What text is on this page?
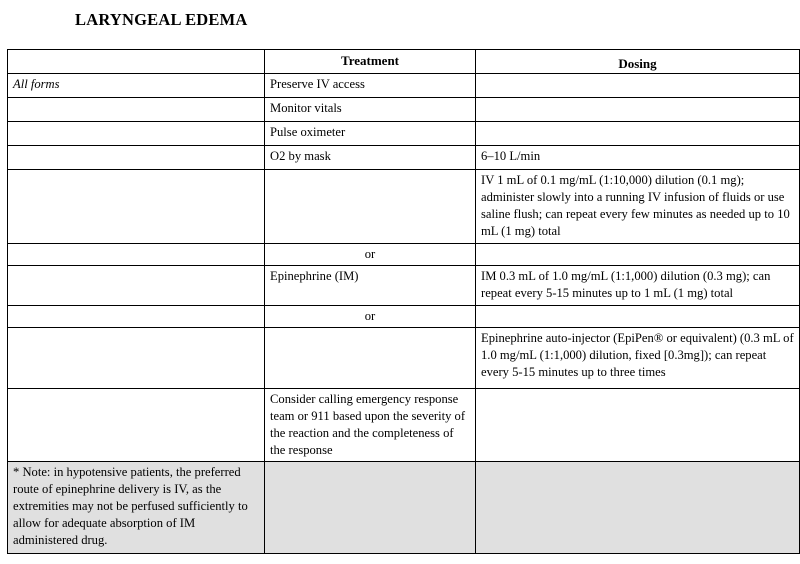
LARYNGEAL EDEMA
	Treatment	Dosing
All forms	Preserve IV access	
	Monitor vitals	
	Pulse oximeter	
	O2 by mask	6–10 L/min
		IV 1 mL of 0.1 mg/mL (1:10,000) dilution (0.1 mg); administer slowly into a running IV infusion of fluids or use saline flush; can repeat every few minutes as needed up to 10 mL (1 mg) total
	or	
	Epinephrine (IM)	IM 0.3 mL of 1.0 mg/mL (1:1,000) dilution (0.3 mg); can repeat every 5-15 minutes up to 1 mL (1 mg) total
	or	
		Epinephrine auto-injector (EpiPen® or equivalent) (0.3 mL of 1.0 mg/mL (1:1,000) dilution, fixed [0.3mg]); can repeat every 5-15 minutes up to three times
	Consider calling emergency response team or 911 based upon the severity of the reaction and the completeness of the response	
* Note: in hypotensive patients, the preferred route of epinephrine delivery is IV, as the extremities may not be perfused sufficiently to allow for adequate absorption of IM administered drug.		
